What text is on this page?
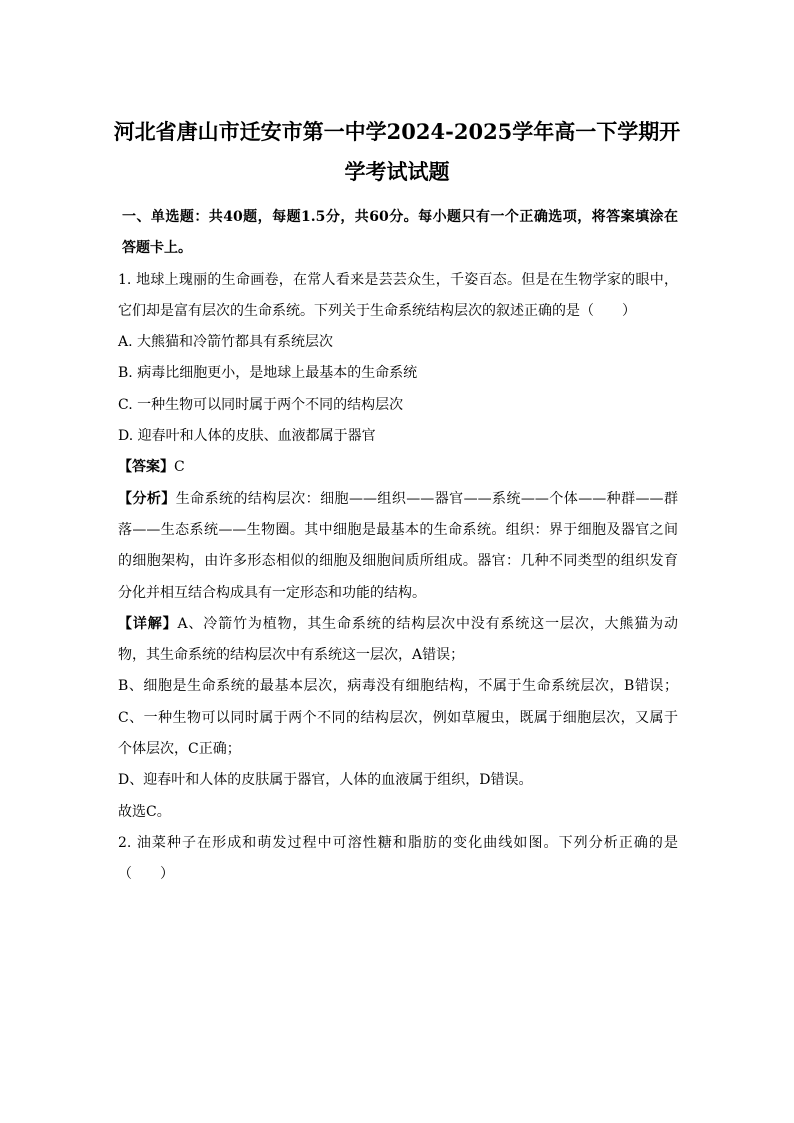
河北省唐山市迁安市第一中学2024-2025学年高一下学期开
学考试试题

一、单选题：共40题，每题1.5分，共60分。每小题只有一个正确选项，将答案填涂在

答题卡上。

1. 地球上瑰丽的生命画卷，在常人看来是芸芸众生，千姿百态。但是在生物学家的眼中，

它们却是富有层次的生命系统。下列关于生命系统结构层次的叙述正确的是（　　）

A. 大熊猫和冷箭竹都具有系统层次

B. 病毒比细胞更小，是地球上最基本的生命系统

C. 一种生物可以同时属于两个不同的结构层次

D. 迎春叶和人体的皮肤、血液都属于器官

【答案】C

【分析】生命系统的结构层次：细胞——组织——器官——系统——个体——种群——群

落——生态系统——生物圈。其中细胞是最基本的生命系统。组织：界于细胞及器官之间

的细胞架构，由许多形态相似的细胞及细胞间质所组成。器官：几种不同类型的组织发育

分化并相互结合构成具有一定形态和功能的结构。

【详解】A、冷箭竹为植物，其生命系统的结构层次中没有系统这一层次，大熊猫为动

物，其生命系统的结构层次中有系统这一层次，A错误；

B、细胞是生命系统的最基本层次，病毒没有细胞结构，不属于生命系统层次，B错误；

C、一种生物可以同时属于两个不同的结构层次，例如草履虫，既属于细胞层次，又属于

个体层次，C正确；

D、迎春叶和人体的皮肤属于器官，人体的血液属于组织，D错误。

故选C。

2. 油菜种子在形成和萌发过程中可溶性糖和脂肪的变化曲线如图。下列分析正确的是

（　　）
